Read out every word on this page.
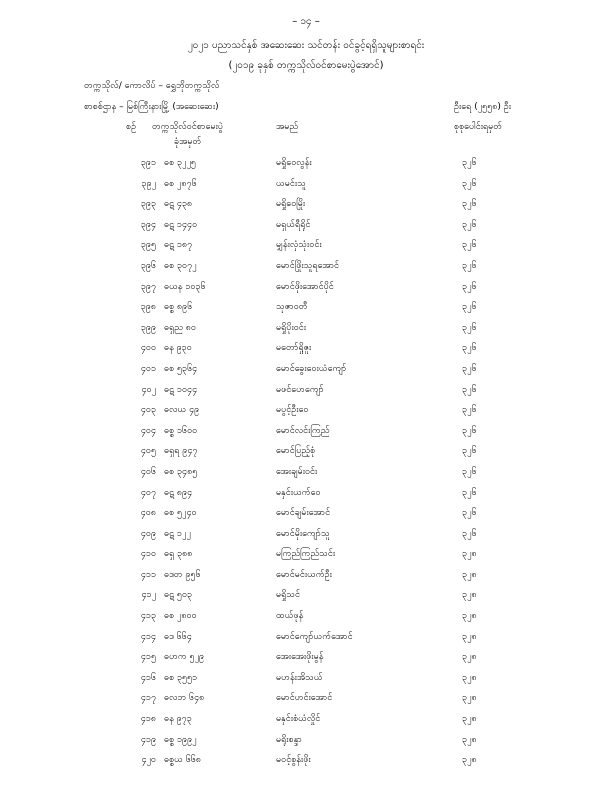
– ၁၄ –
၂၀၂၁ ပညာသင်နှစ် အဆေးဆေး သင်တန်း ဝင်ခွင့်ရရှိသူများစာရင်း
(၂၀၁၉ ခုနှစ် တက္ကသိုလ်ဝင်စာမေးပွဲအောင်)
တက္ကသိုလ်/ ကောလိပ် – ရွှေဘိုတက္ကသိုလ်
စာစစ်ဌာန – မြစ်ကြီးနားမြို့ (အဆေးဆေး)	ဦးရေ (၂၅၅၈) ဦး
စဉ် တက္ကသိုလ်ဝင်စာမေးပွဲ
ခုံအမှတ်
အမည်	စုစုပေါင်းရမှတ်
၃၉၁ ဓစ ၃၂၂၅	မရှိုဝေလွန်း	၃၂၆
၃၉၂ ဓစ ၂၈၇၆	ယမင်းသူ	၃၂၆
၃၉၃ ဓဋ ၄၃၈	မရှိုဝေမြိုး	၃၂၆
၃၉၄ ဓဋ ၁၄၄၀	မရှယ်ရီရိုင်	၃၂၆
၃၉၅ ဓဋ ၁၈၇	မျှန်းလှံသုံးဝင်း	၃၂၆
၃၉၆ ဓစ ၃၀၇၂	မောင်ဖြိုးသူရအောင်	၃၂၆
၃၉၇ ဓယန ၁၀၃၆	မောင်ဖိုးအောင်ပိုင်	၃၂၆
၃၉၈ ဓစ္စ ၈၉၆	သုဇာဝတီ	၃၂၆
၃၉၉ ဓရှည ၈၀	မရှိုပိုးဝင်း	၃၂၆
၄၀၀ ဓန ၉၃၀	မတော်ရှိုဇူး	၃၂၆
၄၀၁ ဓစ ၅၃၆၄	မောင်ခွေးဝေးယံကျော်	၃၂၆
၄၀၂ ဓဋ ၁၀၄၄	မဖင်ဟေကျော်	၃၂၆
၄၀၃ ဓလယ ၄၉	မပွင့်ဦးဝေ	၃၂၆
၄၀၄ ဓစ္စ ၁၆၀၀	မောင်လင်းကြည်	၃၂၆
၄၀၅ ဓရှရ ၉၄၇	မောင်ပြည့်စုံ	၃၂၆
၄၀၆ ဓစ ၃၄၈၅	အေးချမ်းဝင်း	၃၂၆
၄၀၇ ဓဋ ၈၉၄	မနှင်းယက်ဝေ	၃၂၆
၄၀၈ ဓစ ၅၂၄၀	မောင်ချမ်းအောင်	၃၂၆
၄၀၉ ဓဋ ၁၂၂	မောင်မိုးကျော်သူ	၃၂၆
၄၁၀ ဓရှ ၃၈၈	မကြည်ကြည်သင်း	၃၂၈
၄၁၁ ဓဒတ ၉၅၆	မောင်မင်းယက်ဦး	၃၂၈
၄၁၂ ဓဋ ၅၀၃	မရှိုသင်	၃၂၈
၄၁၃ ဓစ ၂၈၀၀	ထယ်ဖုန်	၃၂၈
၄၁၄ ဓဒ ၆၆၄	မောင်ကျော်ယက်အောင်	၃၂၈
၄၁၅ ဓဟက ၅၂၉	အေးအေးဖိုးမွန်	၃၂၈
၄၁၆ ဓစ ၃၅၅၁	မဟန်းအိသယ်	၃၂၈
၄၁၇ ဓလဘ ၆၄၈	မောင်ဟင်းအောင်	၃၂၈
၄၁၈ ဓန ၉၇၃	မနှင်းစံယံလှိုင်	၃၂၈
၄၁၉ ဓစ္စ ၁၉၉၂	မရိုးစန္ဒာ	၃၂၈
၄၂၀ ဓစ္စယ ၆၆၈	မဝင့်စွန်းဖိုး	၃၂၈
